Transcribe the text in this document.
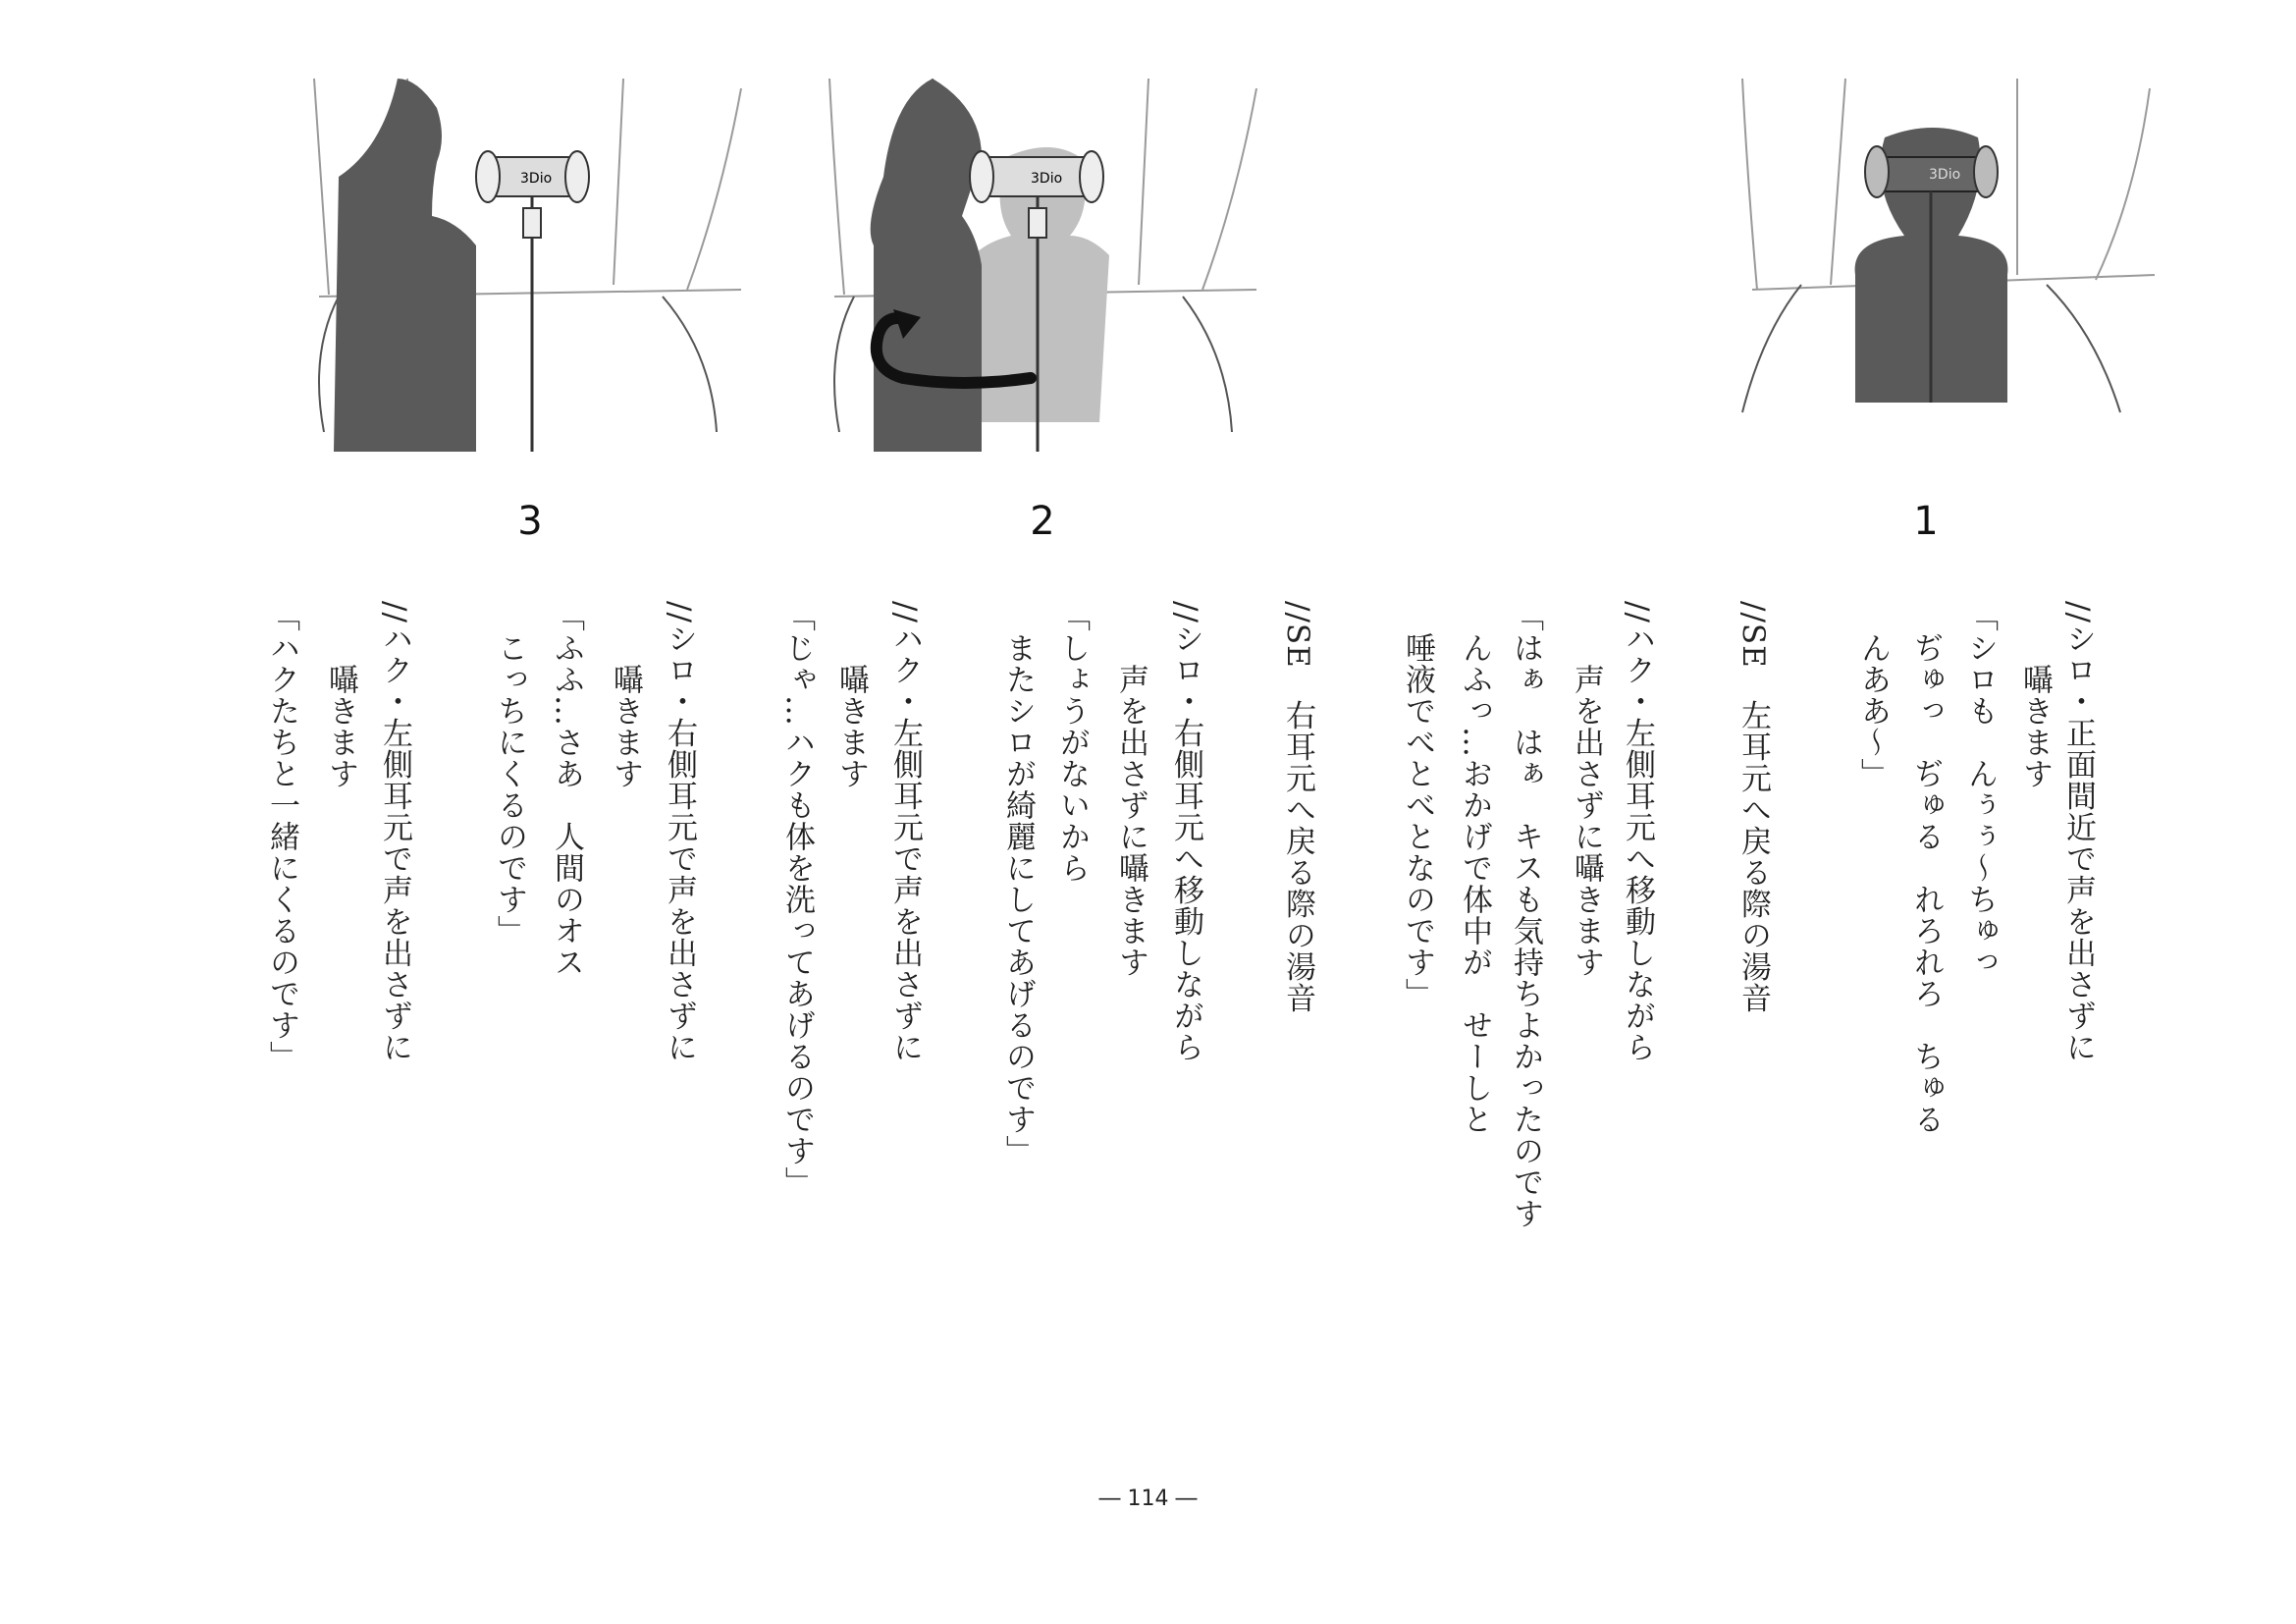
3Dio
3
3Dio
2
3Dio
1
//シロ・正面間近で声を出さずに
　　囁きます
「シロも　んぅぅ〜ちゅっ
　ぢゅっ　ぢゅる　れろれろ　ちゅる
　んああ〜」
//SE　左耳元へ戻る際の湯音
//ハク・左側耳元へ移動しながら
　　声を出さずに囁きます
「はぁ　はぁ　キスも気持ちよかったのです
　んふっ…おかげで体中が　せーしと
　唾液でべとべとなのです」
//SE　右耳元へ戻る際の湯音
//シロ・右側耳元へ移動しながら
　　声を出さずに囁きます
「しょうがないから
　またシロが綺麗にしてあげるのです」
//ハク・左側耳元で声を出さずに
　　囁きます
「じゃ…ハクも体を洗ってあげるのです」
//シロ・右側耳元で声を出さずに
　　囁きます
「ふふ…さあ　人間のオス
　こっちにくるのです」
//ハク・左側耳元で声を出さずに
　　囁きます
「ハクたちと一緒にくるのです」
― 114 ―
